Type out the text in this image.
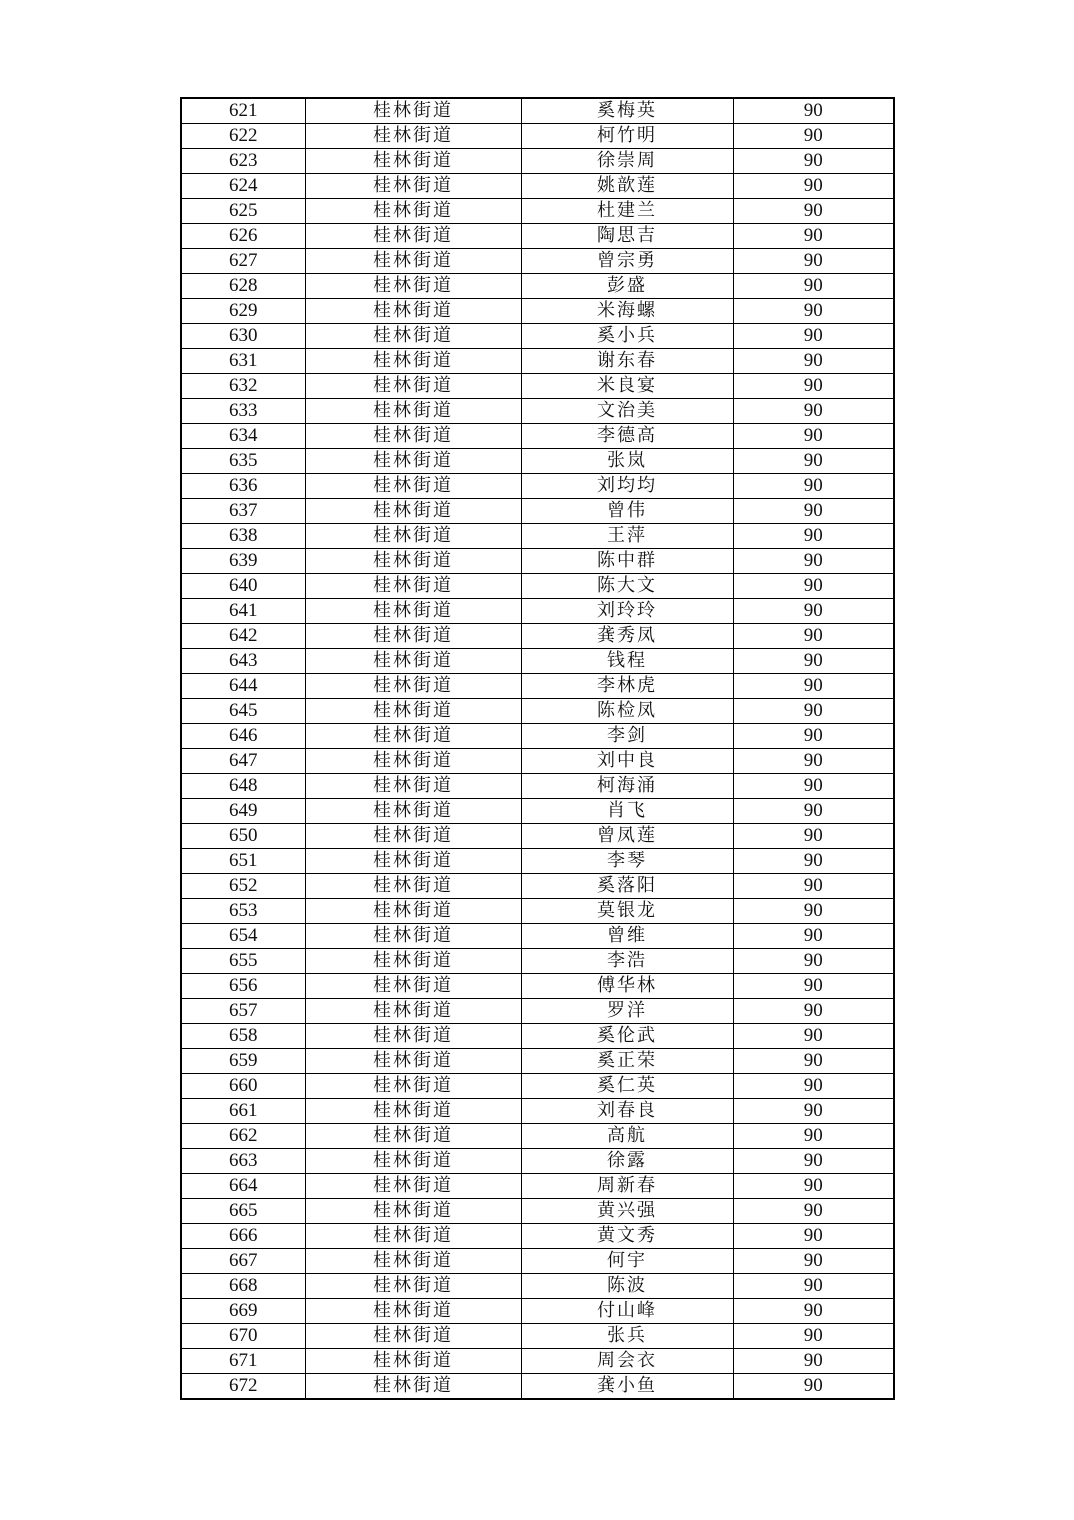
621	桂林街道	奚梅英	90
622	桂林街道	柯竹明	90
623	桂林街道	徐崇周	90
624	桂林街道	姚歆莲	90
625	桂林街道	杜建兰	90
626	桂林街道	陶思吉	90
627	桂林街道	曾宗勇	90
628	桂林街道	彭盛	90
629	桂林街道	米海螺	90
630	桂林街道	奚小兵	90
631	桂林街道	谢东春	90
632	桂林街道	米良宴	90
633	桂林街道	文治美	90
634	桂林街道	李德高	90
635	桂林街道	张岚	90
636	桂林街道	刘均均	90
637	桂林街道	曾伟	90
638	桂林街道	王萍	90
639	桂林街道	陈中群	90
640	桂林街道	陈大文	90
641	桂林街道	刘玲玲	90
642	桂林街道	龚秀凤	90
643	桂林街道	钱程	90
644	桂林街道	李林虎	90
645	桂林街道	陈检凤	90
646	桂林街道	李剑	90
647	桂林街道	刘中良	90
648	桂林街道	柯海涌	90
649	桂林街道	肖飞	90
650	桂林街道	曾凤莲	90
651	桂林街道	李琴	90
652	桂林街道	奚落阳	90
653	桂林街道	莫银龙	90
654	桂林街道	曾维	90
655	桂林街道	李浩	90
656	桂林街道	傅华林	90
657	桂林街道	罗洋	90
658	桂林街道	奚伦武	90
659	桂林街道	奚正荣	90
660	桂林街道	奚仁英	90
661	桂林街道	刘春良	90
662	桂林街道	高航	90
663	桂林街道	徐露	90
664	桂林街道	周新春	90
665	桂林街道	黄兴强	90
666	桂林街道	黄文秀	90
667	桂林街道	何宇	90
668	桂林街道	陈波	90
669	桂林街道	付山峰	90
670	桂林街道	张兵	90
671	桂林街道	周会衣	90
672	桂林街道	龚小鱼	90
